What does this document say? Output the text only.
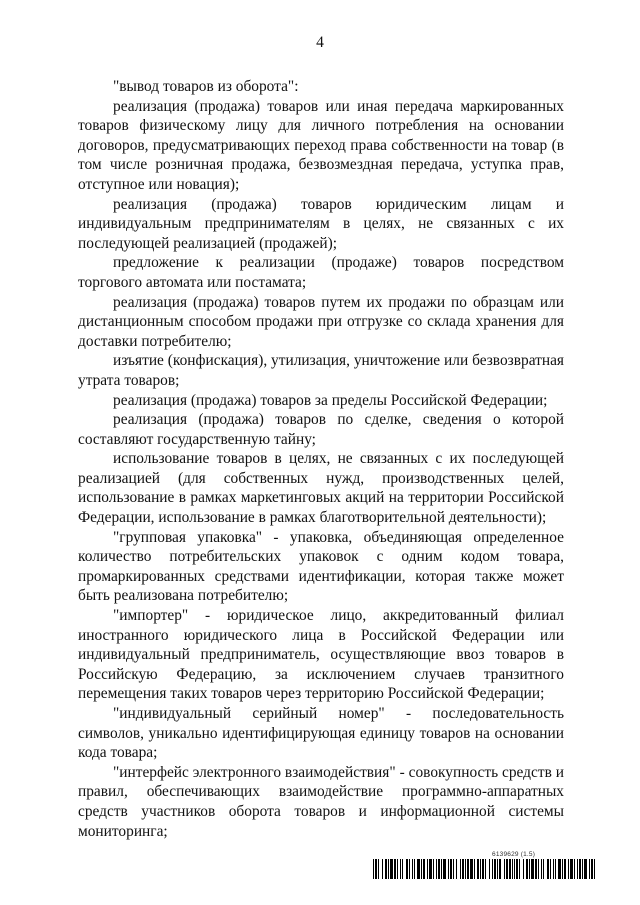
4

"вывод товаров из оборота":

реализация (продажа) товаров или иная передача маркированных товаров физическому лицу для личного потребления на основании договоров, предусматривающих переход права собственности на товар (в том числе розничная продажа, безвозмездная передача, уступка прав, отступное или новация);

реализация (продажа) товаров юридическим лицам и индивидуальным предпринимателям в целях, не связанных с их последующей реализацией (продажей);

предложение к реализации (продаже) товаров посредством торгового автомата или постамата;

реализация (продажа) товаров путем их продажи по образцам или дистанционным способом продажи при отгрузке со склада хранения для доставки потребителю;

изъятие (конфискация), утилизация, уничтожение или безвозвратная утрата товаров;

реализация (продажа) товаров за пределы Российской Федерации;

реализация (продажа) товаров по сделке, сведения о которой составляют государственную тайну;

использование товаров в целях, не связанных с их последующей реализацией (для собственных нужд, производственных целей, использование в рамках маркетинговых акций на территории Российской Федерации, использование в рамках благотворительной деятельности);

"групповая упаковка" - упаковка, объединяющая определенное количество потребительских упаковок с одним кодом товара, промаркированных средствами идентификации, которая также может быть реализована потребителю;

"импортер" - юридическое лицо, аккредитованный филиал иностранного юридического лица в Российской Федерации или индивидуальный предприниматель, осуществляющие ввоз товаров в Российскую Федерацию, за исключением случаев транзитного перемещения таких товаров через территорию Российской Федерации;

"индивидуальный серийный номер" - последовательность символов, уникально идентифицирующая единицу товаров на основании кода товара;

"интерфейс электронного взаимодействия" - совокупность средств и правил, обеспечивающих взаимодействие программно-аппаратных средств участников оборота товаров и информационной системы мониторинга;

6139629 (1.5)
